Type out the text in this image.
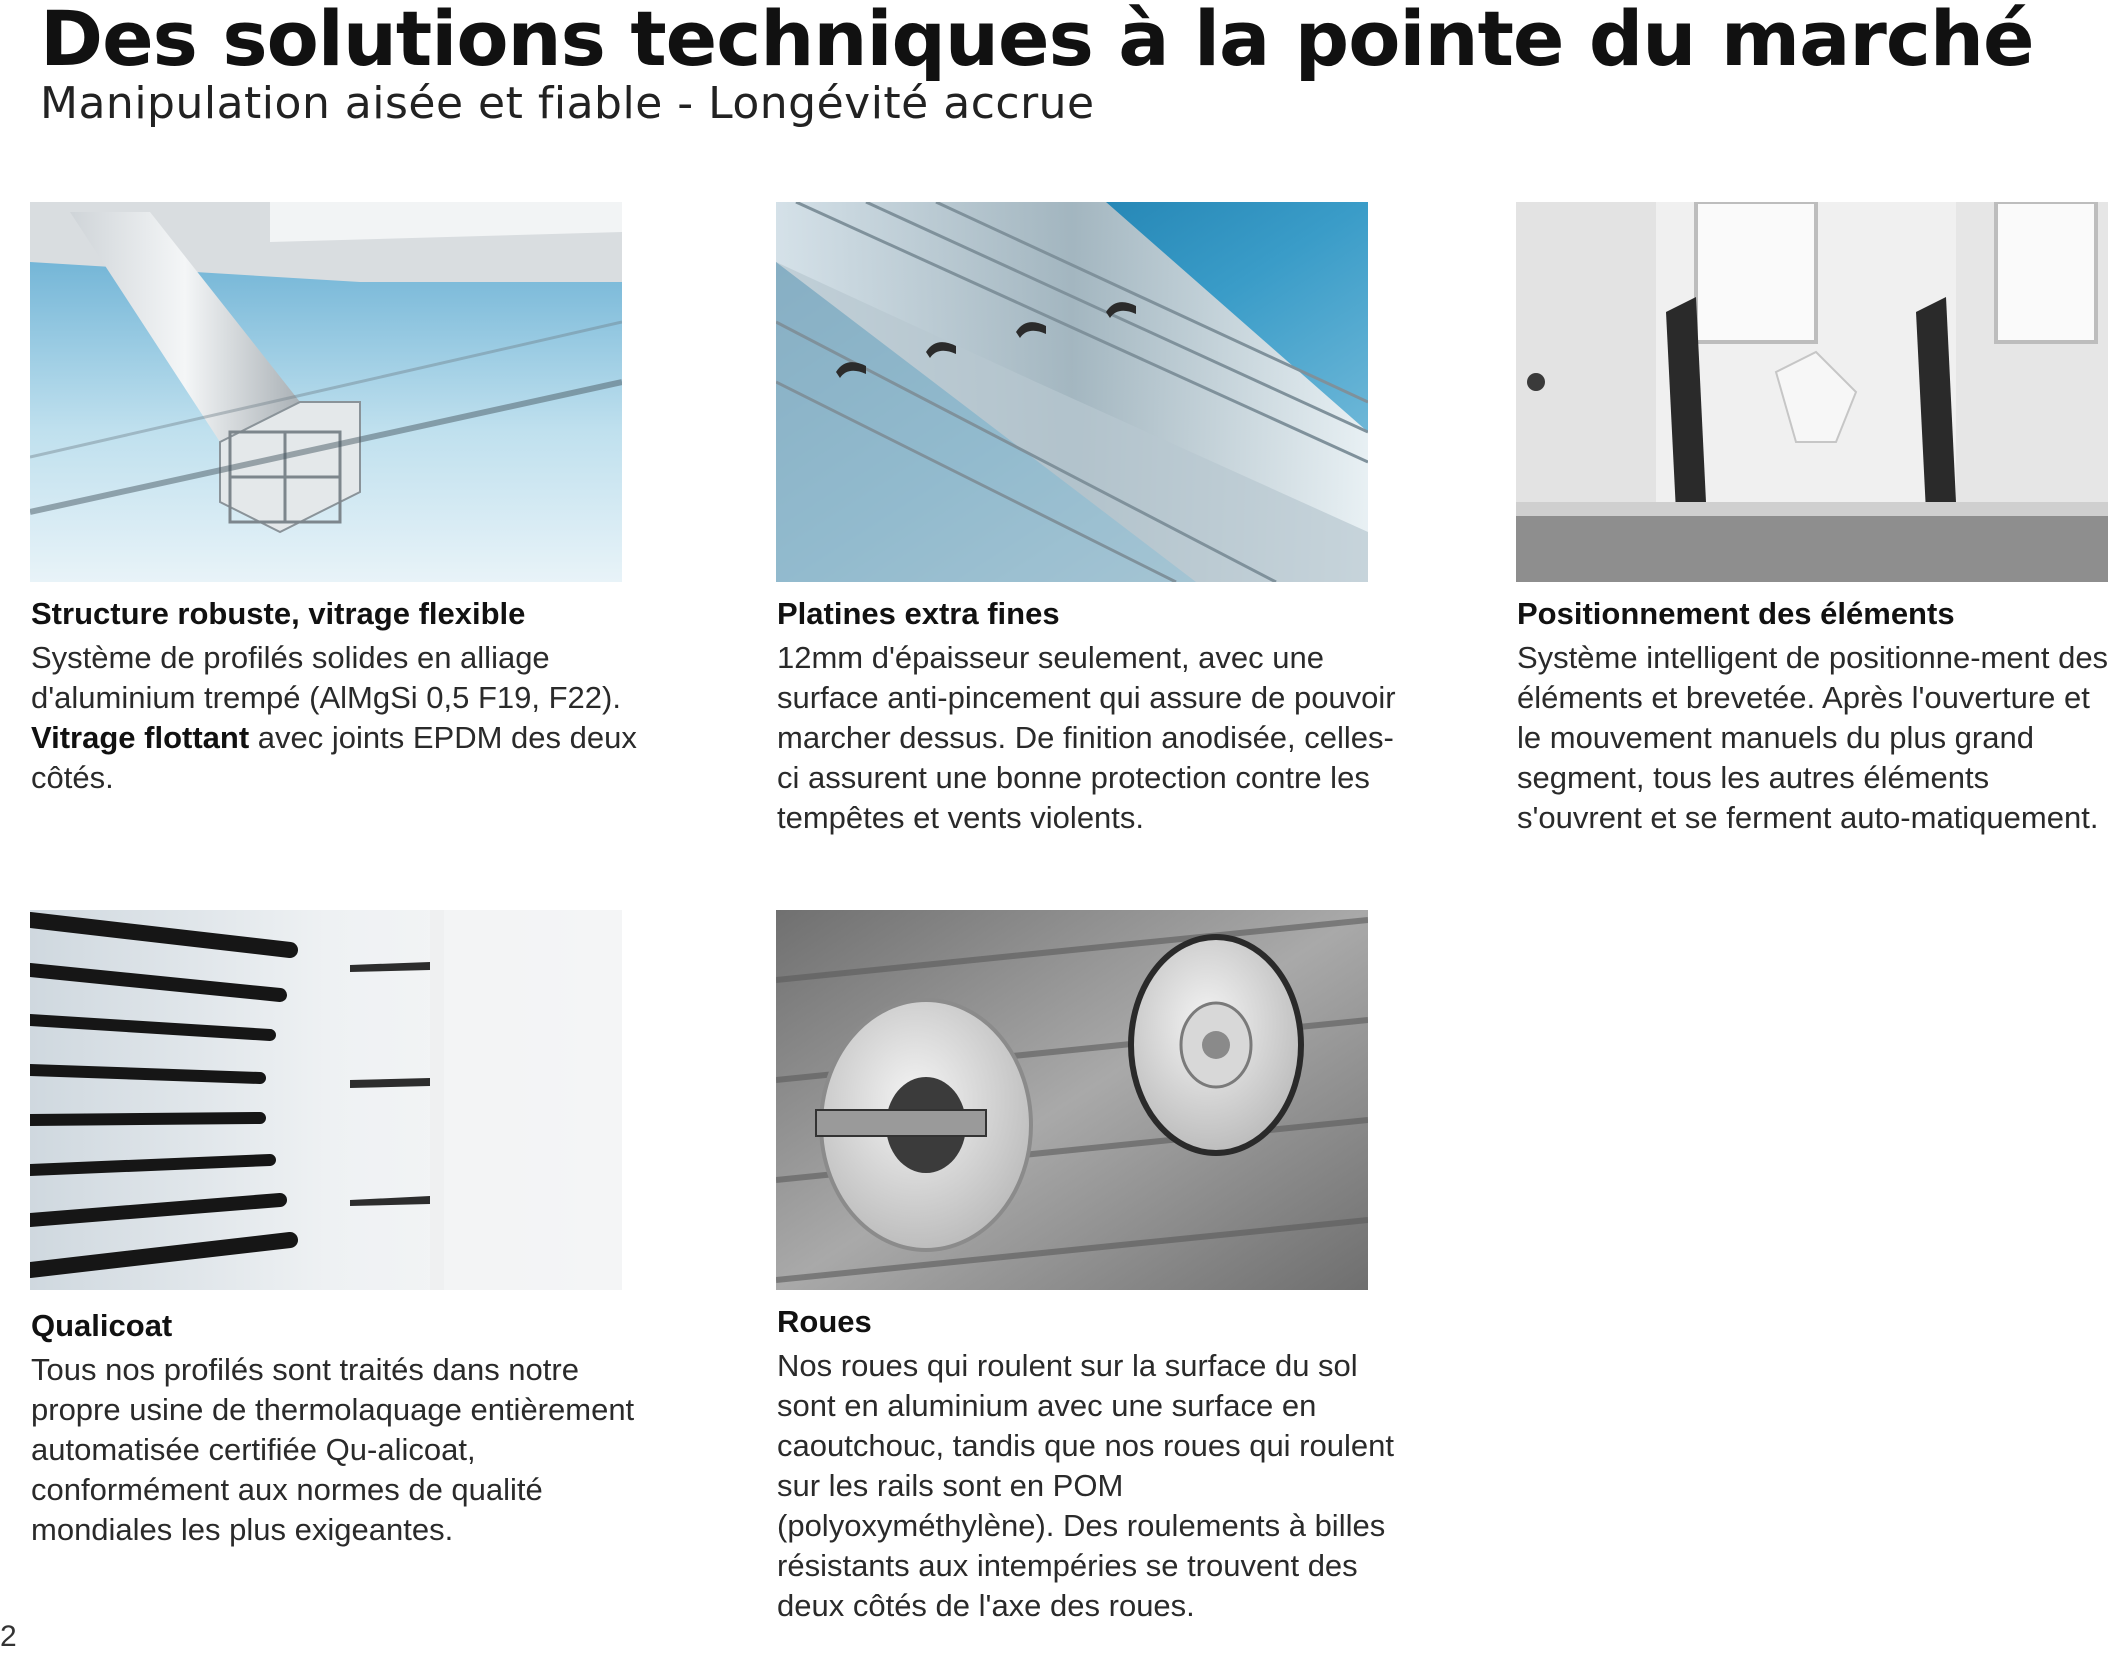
Des solutions techniques à la pointe du marché
Manipulation aisée et fiable - Longévité accrue
Structure robuste, vitrage flexible

Système de profilés solides en alliage d'aluminium trempé (AlMgSi 0,5 F19, F22). Vitrage flottant avec joints EPDM des deux côtés.

Platines extra fines

12mm d'épaisseur seulement, avec une surface anti-pincement qui assure de pouvoir marcher dessus. De finition anodisée, celles-ci assurent une bonne protection contre les tempêtes et vents violents.

Positionnement des éléments

Système intelligent de positionne-ment des éléments et brevetée. Après l'ouverture et le mouvement manuels du plus grand segment, tous les autres éléments s'ouvrent et se ferment auto-matiquement.

Qualicoat

Tous nos profilés sont traités dans notre propre usine de thermolaquage entièrement automatisée certifiée Qu-alicoat, conformément aux normes de qualité mondiales les plus exigeantes.

Roues

Nos roues qui roulent sur la surface du sol sont en aluminium avec une surface en caoutchouc, tandis que nos roues qui roulent sur les rails sont en POM (polyoxyméthylène). Des roulements à billes résistants aux intempéries se trouvent des deux côtés de l'axe des roues.

2
